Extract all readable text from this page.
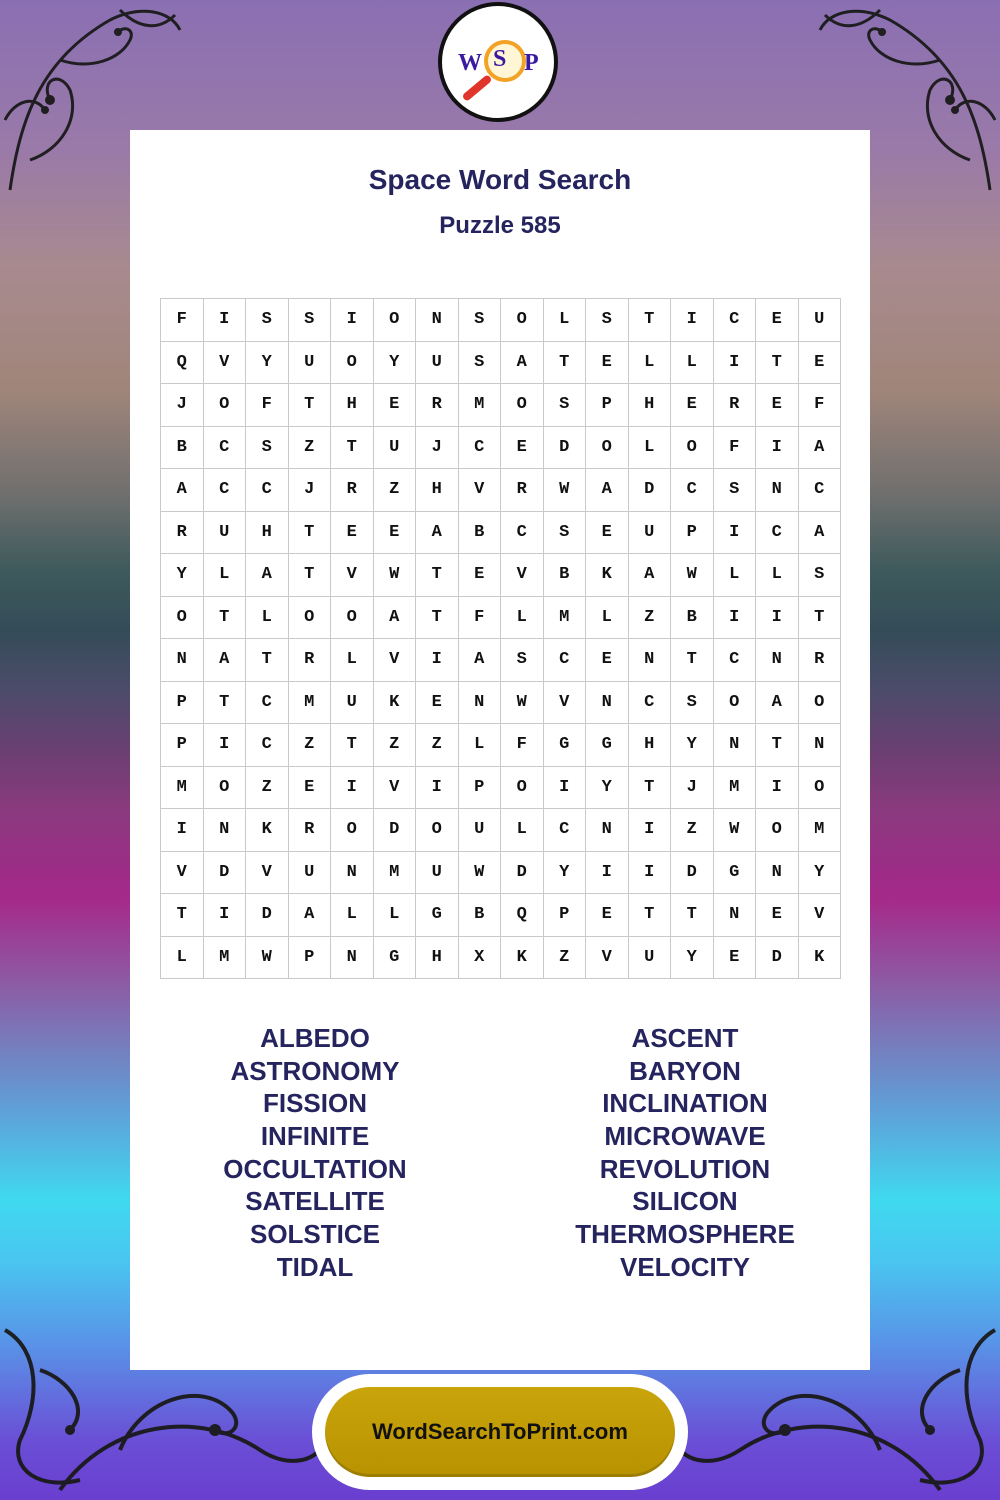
W S P
Space Word Search
Puzzle 585
F	I	S	S	I	O	N	S	O	L	S	T	I	C	E	U
Q	V	Y	U	O	Y	U	S	A	T	E	L	L	I	T	E
J	O	F	T	H	E	R	M	O	S	P	H	E	R	E	F
B	C	S	Z	T	U	J	C	E	D	O	L	O	F	I	A
A	C	C	J	R	Z	H	V	R	W	A	D	C	S	N	C
R	U	H	T	E	E	A	B	C	S	E	U	P	I	C	A
Y	L	A	T	V	W	T	E	V	B	K	A	W	L	L	S
O	T	L	O	O	A	T	F	L	M	L	Z	B	I	I	T
N	A	T	R	L	V	I	A	S	C	E	N	T	C	N	R
P	T	C	M	U	K	E	N	W	V	N	C	S	O	A	O
P	I	C	Z	T	Z	Z	L	F	G	G	H	Y	N	T	N
M	O	Z	E	I	V	I	P	O	I	Y	T	J	M	I	O
I	N	K	R	O	D	O	U	L	C	N	I	Z	W	O	M
V	D	V	U	N	M	U	W	D	Y	I	I	D	G	N	Y
T	I	D	A	L	L	G	B	Q	P	E	T	T	N	E	V
L	M	W	P	N	G	H	X	K	Z	V	U	Y	E	D	K
ALBEDO
ASTRONOMY
FISSION
INFINITE
OCCULTATION
SATELLITE
SOLSTICE
TIDAL
ASCENT
BARYON
INCLINATION
MICROWAVE
REVOLUTION
SILICON
THERMOSPHERE
VELOCITY
WordSearchToPrint.com
